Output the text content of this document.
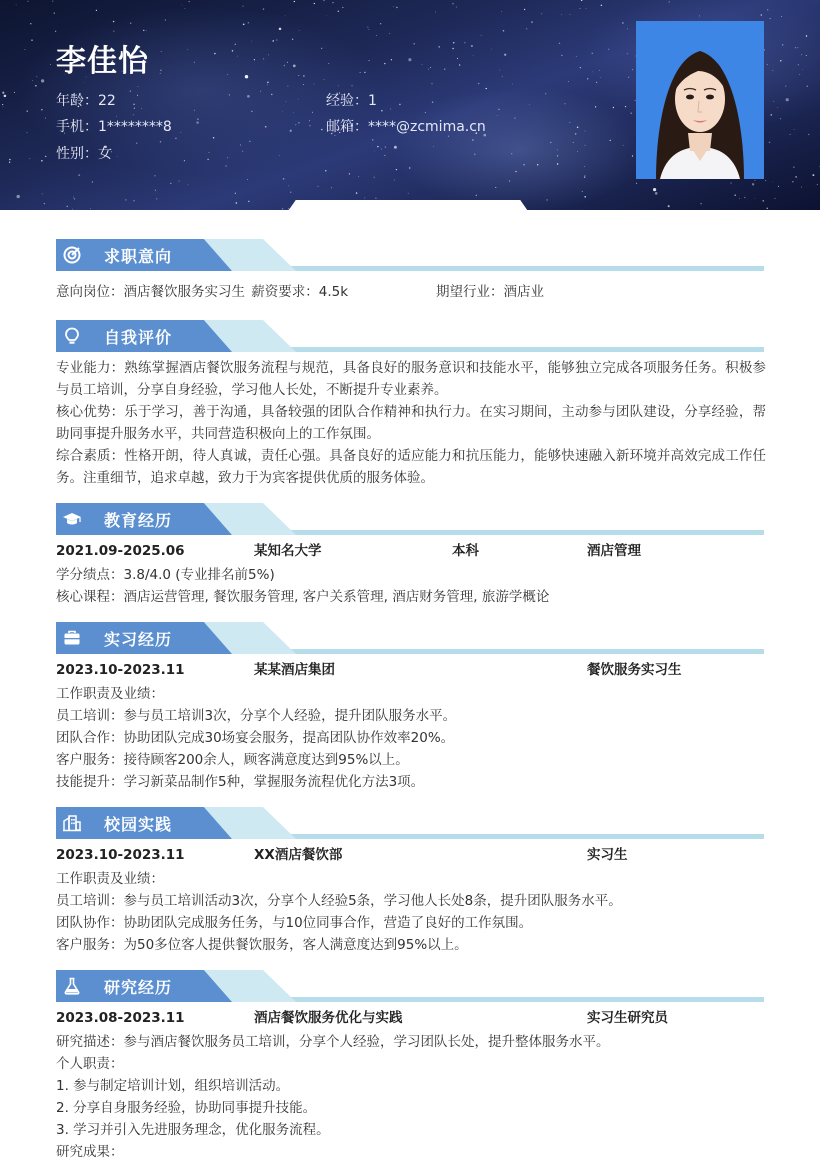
李佳怡
年龄：22	经验：1
手机：1********8	邮箱：****@zcmima.cn
性别：女
求职意向
意向岗位：酒店餐饮服务实习生 薪资要求：4.5k	期望行业：酒店业
自我评价
专业能力：熟练掌握酒店餐饮服务流程与规范，具备良好的服务意识和技能水平，能够独立完成各项服务任务。积极参与员工培训，分享自身经验，学习他人长处，不断提升专业素养。
核心优势：乐于学习，善于沟通，具备较强的团队合作精神和执行力。在实习期间，主动参与团队建设，分享经验，帮助同事提升服务水平，共同营造积极向上的工作氛围。
综合素质：性格开朗，待人真诚，责任心强。具备良好的适应能力和抗压能力，能够快速融入新环境并高效完成工作任务。注重细节，追求卓越，致力于为宾客提供优质的服务体验。
教育经历
2021.09-2025.06	某知名大学	本科	酒店管理
学分绩点：3.8/4.0 (专业排名前5%)
核心课程：酒店运营管理, 餐饮服务管理, 客户关系管理, 酒店财务管理, 旅游学概论
实习经历
2023.10-2023.11	某某酒店集团	餐饮服务实习生
工作职责及业绩：
员工培训：参与员工培训3次，分享个人经验，提升团队服务水平。
团队合作：协助团队完成30场宴会服务，提高团队协作效率20%。
客户服务：接待顾客200余人，顾客满意度达到95%以上。
技能提升：学习新菜品制作5种，掌握服务流程优化方法3项。
校园实践
2023.10-2023.11	XX酒店餐饮部	实习生
工作职责及业绩：
员工培训：参与员工培训活动3次，分享个人经验5条，学习他人长处8条，提升团队服务水平。
团队协作：协助团队完成服务任务，与10位同事合作，营造了良好的工作氛围。
客户服务：为50多位客人提供餐饮服务，客人满意度达到95%以上。
研究经历
2023.08-2023.11	酒店餐饮服务优化与实践	实习生研究员
研究描述：参与酒店餐饮服务员工培训，分享个人经验，学习团队长处，提升整体服务水平。
个人职责：
1. 参与制定培训计划，组织培训活动。
2. 分享自身服务经验，协助同事提升技能。
3. 学习并引入先进服务理念，优化服务流程。
研究成果：
